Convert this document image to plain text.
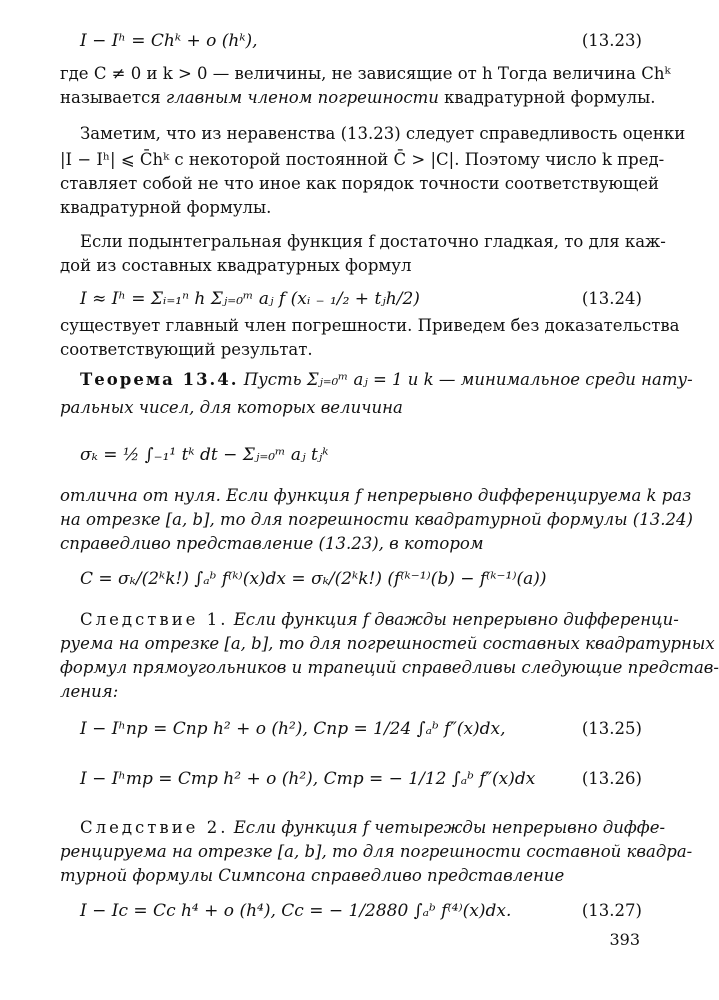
I − Iʰ = Chᵏ + o (hᵏ),	(13.23)
где C ≠ 0 и k > 0 — величины, не зависящие от h Тогда величина Chᵏ
называется главным членом погрешности квадратурной формулы.
Заметим, что из неравенства (13.23) следует справедливость оценки
|I − Iʰ| ⩽ C̄hᵏ с некоторой постоянной C̄ > |C|. Поэтому число k пред-
ставляет собой не что иное как порядок точности соответствующей
квадратурной формулы.
Если подынтегральная функция f достаточно гладкая, то для каж-
дой из составных квадратурных формул
I ≈ Iʰ = Σᵢ₌₁ⁿ h Σⱼ₌₀ᵐ aⱼ f (xᵢ ₋ ₁/₂ + tⱼh/2)	(13.24)
существует главный член погрешности. Приведем без доказательства
соответствующий результат.
Теорема 13.4. Пусть Σⱼ₌₀ᵐ aⱼ = 1 и k — минимальное среди нату-
ральных чисел, для которых величина
σₖ = ½ ∫₋₁¹ tᵏ dt − Σⱼ₌₀ᵐ aⱼ tⱼᵏ
отлична от нуля. Если функция f непрерывно дифференцируема k раз
на отрезке [a, b], то для погрешности квадратурной формулы (13.24)
справедливо представление (13.23), в котором
C = σₖ/(2ᵏk!) ∫ₐᵇ f⁽ᵏ⁾(x)dx = σₖ/(2ᵏk!) (f⁽ᵏ⁻¹⁾(b) − f⁽ᵏ⁻¹⁾(a))
Следствие 1. Если функция f дважды непрерывно дифференци-
руема на отрезке [a, b], то для погрешностей составных квадратурных
формул прямоугольников и трапеций справедливы следующие представ-
ления:
I − Iʰпр = Cпр h² + o (h²), Cпр = 1/24 ∫ₐᵇ f″(x)dx,	(13.25)
I − Iʰтр = Cтр h² + o (h²), Cтр = − 1/12 ∫ₐᵇ f″(x)dx	(13.26)
Следствие 2. Если функция f четырежды непрерывно диффе-
ренцируема на отрезке [a, b], то для погрешности составной квадра-
турной формулы Симпсона справедливо представление
I − Iс = Cс h⁴ + o (h⁴), Cс = − 1/2880 ∫ₐᵇ f⁽⁴⁾(x)dx.	(13.27)
393
